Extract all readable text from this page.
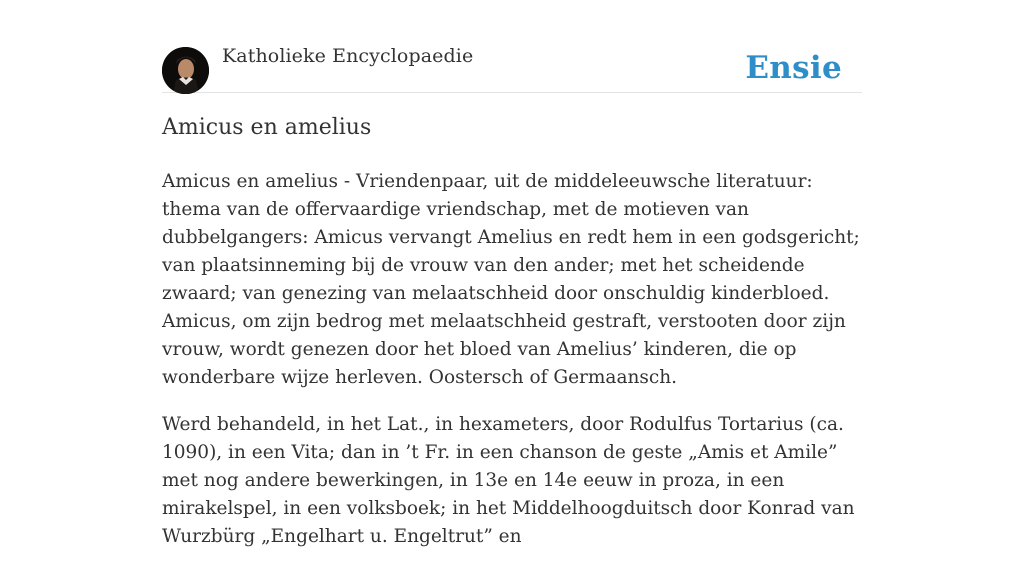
Katholieke Encyclopaedie	Ensie
Amicus en amelius

Amicus en amelius - Vriendenpaar, uit de middeleeuwsche literatuur: thema van de offervaardige vriendschap, met de motieven van dubbelgangers: Amicus vervangt Amelius en redt hem in een godsgericht; van plaatsinneming bij de vrouw van den ander; met het scheidende zwaard; van genezing van melaatschheid door onschuldig kinderbloed. Amicus, om zijn bedrog met melaatschheid gestraft, verstooten door zijn vrouw, wordt genezen door het bloed van Amelius’ kinderen, die op wonderbare wijze herleven. Oostersch of Germaansch.

Werd behandeld, in het Lat., in hexameters, door Rodulfus Tortarius (ca. 1090), in een Vita; dan in ’t Fr. in een chanson de geste „Amis et Amile” met nog andere bewerkingen, in 13e en 14e eeuw in proza, in een mirakelspel, in een volksboek; in het Middelhoogduitsch door Konrad van Wurzbürg „Engelhart u. Engeltrut” en
